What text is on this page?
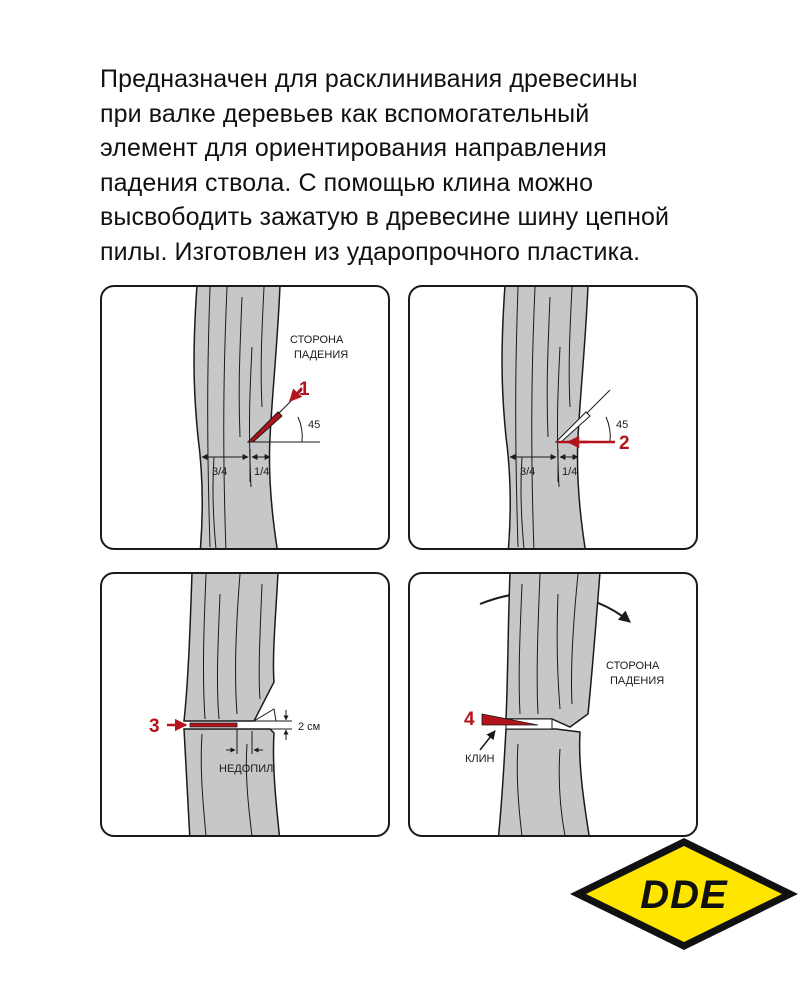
Предназначен для расклинивания древесины
при валке деревьев как вспомогательный
элемент для ориентирования направления
падения ствола. С помощью клина можно
высвободить зажатую в древесине шину цепной
пилы. Изготовлен из ударопрочного пластика.
1
45
СТОРОНА
ПАДЕНИЯ
3/4 1/4
2
45
3/4 1/4
3	2 см
НЕДОПИЛ
4
КЛИН
СТОРОНА
ПАДЕНИЯ
DDE
